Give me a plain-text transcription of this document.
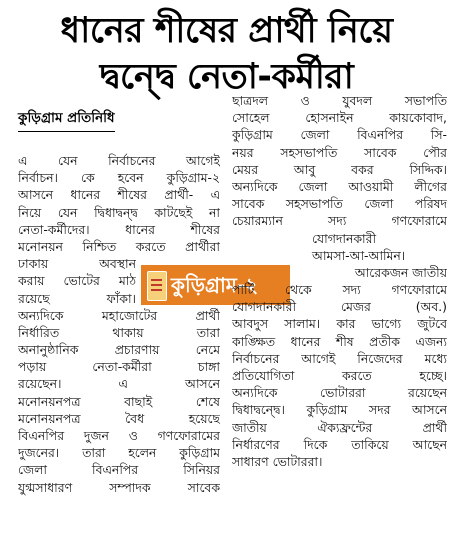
ধানের শীষের প্রার্থী নিয়ে
দ্বন্দ্বে নেতা-কর্মীরা
কুড়িগ্রাম প্রতিনিধি
এ যেন নির্বাচনের আগেই
নির্বাচন। কে হবেন কুড়িগ্রাম-২
আসনে ধানের শীষের প্রার্থী- এ
নিয়ে যেন দ্বিধাদ্বন্দ্ব কাটছেই না
নেতা-কর্মীদের। ধানের শীষের
মনোনয়ন নিশ্চিত করতে প্রার্থীরা
ঢাকায় অবস্থান
করায় ভোটের মাঠ
রয়েছে ফাঁকা।
অন্যদিকে মহাজোটের প্রার্থী
নির্ধারিত থাকায় তারা
অনানুষ্ঠানিক প্রচারণায় নেমে
পড়ায় নেতা-কর্মীরা চাঙ্গা
রয়েছেন। এ আসনে
মনোনয়নপত্র বাছাই শেষে
মনোনয়নপত্র বৈধ হয়েছে
বিএনপির দুজন ও গণফোরামের
দুজনের। তারা হলেন কুড়িগ্রাম
জেলা বিএনপির সিনিয়র
যুগ্মসাধারণ সম্পাদক সাবেক
কুড়িগ্রাম-২
ছাত্রদল ও যুবদল সভাপতি
সোহেল হোসনাইন কায়কোবাদ,
কুড়িগ্রাম জেলা বিএনপির সি-
নয়র সহসভাপতি সাবেক পৌর
মেয়র আবু বকর সিদ্দিক।
অন্যদিকে জেলা আওয়ামী লীগের
সাবেক সহসভাপতি জেলা পরিষদ
চেয়ারম্যান সদ্য গণফোরামে
যোগদানকারী
আমসা-আ-আমিন।
আরেকজন জাতীয়
পার্টি থেকে সদ্য গণফোরামে
যোগদানকারী মেজর (অব.)
আবদুস সালাম। কার ভাগ্যে জুটবে
কাঙ্ক্ষিত ধানের শীষ প্রতীক এজন্য
নির্বাচনের আগেই নিজেদের মধ্যে
প্রতিযোগিতা করতে হচ্ছে।
অন্যদিকে ভোটাররা রয়েছেন
দ্বিধাদ্বন্দ্বে। কুড়িগ্রাম সদর আসনে
জাতীয় ঐক্যফ্রন্টের প্রার্থী
নির্ধারণের দিকে তাকিয়ে আছেন
সাধারণ ভোটাররা।
